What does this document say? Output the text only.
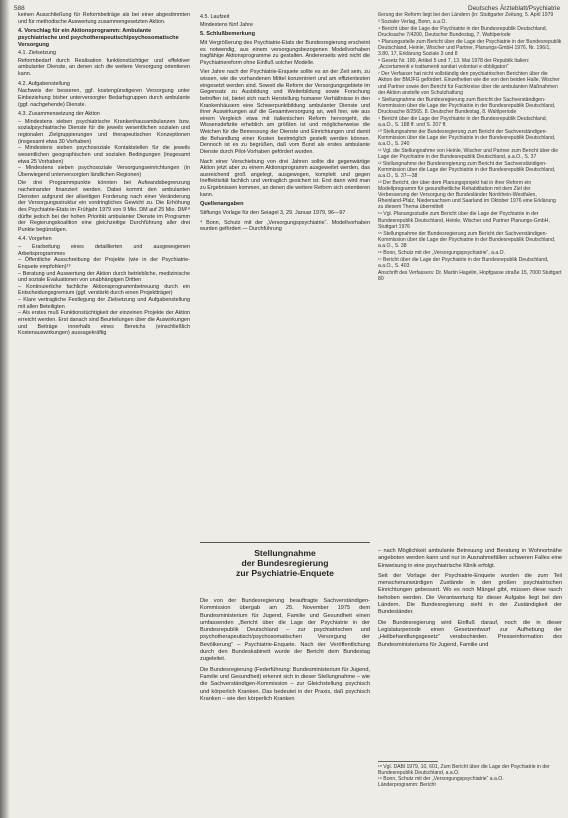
588	Deutsches Ärzteblatt/Psychiatrie

keinen Ausschließung für Reformbeiträge als bei einer abgestimmten und für methodische Auswertung zusammengesetzten Aktion.

4. Vorschlag für ein Aktionsprogramm: Ambulante psychiatrische und psychotherapeutisch/psychosomatische Versorgung
4.1. Zielsetzung

Reformbedarf durch Realisation funktionstüchtiger und effektiver ambulanter Dienste, an denen sich die weitere Versorgung orientieren kann.

4.2. Aufgabenstellung

Nachweis der besseren, ggf. kostengünstigeren Versorgung unter Einbeziehung bisher unterversorgter Bedarfsgruppen durch ambulante (ggf. nachgehende) Dienste.

4.3. Zusammensetzung der Aktion
– Mindestens sieben psychiatrische Krankenhausambulanzen bzw. sozialpsychiatrische Dienste für die jeweils wesentlichen sozialen und regionalen Zielgruppierungen und therapeutischen Konzeptionen (insgesamt etwa 30 Vorhaben)
– Mindestens sieben psychosoziale Kontaktstellen für die jeweils wesentlichen geographischen und sozialen Bedingungen (insgesamt etwa 25 Vorhaben)
– Mindestens sieben psychosoziale Versorgungseinrichtungen (in Überwiegend unterversorgten ländlichen Regionen)

Die drei Programmpunkte könnten bei Aufwandsbegrenzung nacheinander finanziert werden. Dabei kommt den ambulanten Diensten aufgrund der allseitigen Forderung nach einer Veränderung der Versorgungsstruktur ein vordringliches Gewicht zu. Die Erhöhung des Psychiatrie-Etats im Frühjahr 1979 von 9 Mio. DM auf 25 Mio. DM¹⁸ dürfte jedoch bei der hohen Priorität ambulanter Dienste im Programm der Regierungskoalition eine gleichzeitige Durchführung aller drei Punkte begünstigen.

4.4. Vorgehen
– Erarbeitung eines detaillierten und ausgewogenen Arbeitsprogrammes
– Öffentliche Ausschreibung der Projekte (wie in der Psychiatrie-Enquete empfohlen)¹⁹
– Beratung und Auswertung der Aktion durch betriebliche, medizinische und soziale Evaluationen von unabhängigen Dritten
– Kontinuierliche fachliche Aktionsprogrammbetreuung durch ein Entscheidungsgremium (ggf. verstärkt durch einen Projektträger)
– Klare vertragliche Festlegung der Zielsetzung und Aufgabenstellung mit allen Beteiligten
– Als erstes muß Funktionstüchtigkeit der einzelnen Projekte der Aktion erreicht werden. Erst danach sind Beurteilungen über die Auswirkungen und Beiträge innerhalb eines Bereichs (einschließlich Kostenauswirkungen) aussagekräftig
4.5. Laufzeit

Mindestens fünf Jahre

5. Schlußbemerkung

Mit Vergrößerung des Psychiatrie-Etats der Bundesregierung erscheint es notwendig, aus einem versorgungsbezogenen Modellvorhaben tragfähige Aktionsprogramme zu gestalten. Andererseits wird nicht die Psychiatriereform ohne Einfluß solcher Modelle.

Vier Jahre nach der Psychiatrie-Enquete sollte es an der Zeit sein, zu wissen, wie die vorhandenen Mittel konzentriert und am effizientesten eingesetzt werden sind. Soweit die Reform der Versorgungsgebiete im Gegensatz zu Ausbildung und Weiterbildung sowie Forschung betroffen ist, bietet sich nach Herstellung humaner Verhältnisse in den Krankenhäusern eine Schwerpunktbildung ambulanter Dienste und ihrer Auswirkungen auf die Gesamtversorgung an, weil hier, wie aus einem Vergleich etwa mit italienischen Reform hervorgeht, die Wissensdefizite erheblich am größten ist und möglicherweise die Weichen für die Bemessung der Dienste und Einrichtungen und damit die Behandlung einer Kosten bestmöglich gestellt werden können. Dennoch ist es zu begrüßen, daß vom Bund als erstes ambulante Dienste durch Pilot-Vorhaben gefördert wurden.

Nach einer Verschiebung von drei Jahren sollte die gegenwärtige Aktion jetzt aber zu einem Aktionsprogramm ausgeweitet werden, das ausreichend groß angelegt, ausgewogen, komplett und gegen Ineffektivität fachlich und vertraglich gesichert ist. Erst dann wird man zu Ergebnissen kommen, an denen die weitere Reform sich orientieren kann.

Quellenangaben

Stiftungs Vorlage für den Seiagel 3, 29. Januar 1979, 96—97

⁴ Bonn, Schutz mit der „Versorgungspsychiatrie“. Modellvorhaben wurden gefördert — Durchführung

ßerung der Reform liegt bei den Ländern (in: Stuttgarter Zeitung, 5. April 1979

³ Sozialer Verlag, Bonn, a.a.O.

⁴ Bericht über die Lage der Psychiatrie in der Bundesrepublik Deutschland, Drucksache 7/4200, Deutscher Bundestag, 7. Wahlperiode

⁵ Planungsstelle zum Bericht über die Lage der Psychiatrie in der Bundesrepublik Deutschland, Heinle, Wischer und Partner, Planungs-GmbH 1976, Nr. 196/1, 3.80, 17, Erklärung Soziale 3 und 8

⁶ Gesetz Nr. 180, Artikel 5 und 7, 13. Mai 1978 der Republik Italien: „Accertamenti e trattamenti sanitari volontari e obbligatori“

⁷ Der Verfasser hat nicht vollständig den psychiatrischen Berichten über die Aktion der BMJFG gefördert. Einzelheiten wie die von den beiden Halle, Wischer und Partner sowie den Bericht für Fachkreise über die ambulanten Maßnahmen der Aktion anstelle von Schutzhaltung

⁸ Stellungnahme der Bundesregierung zum Bericht der Sachverständigen-Kommission über die Lage der Psychiatrie in der Bundesrepublik Deutschland, Drucksache 8/2565, 8. Deutscher Bundestag, 8. Wahlperiode

⁹ Bericht über die Lage der Psychiatrie in der Bundesrepublik Deutschland, a.a.O., S. 188 ff. und S. 207 ff.

¹⁰ Stellungnahme der Bundesregierung zum Bericht der Sachverständigen-Kommission über die Lage der Psychiatrie in der Bundesrepublik Deutschland, a.a.O., S. 240

¹¹ Vgl. die Stellungnahme von Heinle, Wischer und Partner zum Bericht über die Lage der Psychiatrie in der Bundesrepublik Deutschland, a.a.O., S. 37

¹² Stellungnahme der Bundesregierung zum Bericht der Sachverständigen-Kommission über die Lage der Psychiatrie in der Bundesrepublik Deutschland, a.a.O., S. 37—38

¹³ Der Bericht, der über dem Planungsprojekt hat in ihrer Reform ein Modellprogramm für gesundheitliche Rehabilitation mit dem Ziel der Verbesserung der Versorgung der Bundesländer Nordrhein-Westfalen, Rheinland-Pfalz, Niedersachsen und Saarland im Oktober 1976 eine Erklärung zu diesem Thema übermittelt

¹⁴ Vgl. Planungsstudie zum Bericht über die Lage der Psychiatrie in der Bundesrepublik Deutschland, Heinle, Wischer und Partner Planungs-GmbH, Stuttgart 1976

¹⁵ Stellungnahme der Bundesregierung zum Bericht der Sachverständigen-Kommission über die Lage der Psychiatrie in der Bundesrepublik Deutschland, a.a.O., S. 38

¹⁶ Bonn, Schutz mit der „Versorgungspsychiatrie“, a.a.O.

¹⁷ Bericht über die Lage der Psychiatrie in der Bundesrepublik Deutschland, a.a.O., S. 403

Anschrift des Verfassers: Dr. Martin Hagelin, Hopfgasse straße 15, 7000 Stuttgart 80

Stellungnahme
der Bundesregierung
zur Psychiatrie-Enquete

Die von der Bundesregierung beauftragte Sachverständigen-Kommission übergab am 25. November 1975 dem Bundesministerium für Jugend, Familie und Gesundheit einen umfassenden „Bericht über die Lage der Psychiatrie in der Bundesrepublik Deutschland – zur psychiatrischen und psychotherapeutisch/psychosomatischen Versorgung der Bevölkerung“ – Psychiatrie-Enquete. Nach der Veröffentlichung durch den Bundeskabinett wurde der Bericht dem Bundestag zugeleitet.

Die Bundesregierung (Federführung: Bundesministerium für Jugend, Familie und Gesundheit) erkennt sich in dieser Stellungnahme – wie die Sachverständigen-Kommission – zur Gleichstellung psychisch und körperlich Kranken. Das bedeutet in der Praxis, daß psychisch Kranken – wie den körperlich Kranken

– nach Möglichkeit ambulante Betreuung und Beratung in Wohnortnähe angeboten werden kann und nur in Ausnahmefällen schweren Falles eine Einweisung in eine psychiatrische Klinik erfolgt.

Seit der Vorlage der Psychiatrie-Enquete wurden die zum Teil menschenunwürdigen Zustände in den großen psychiatrischen Einrichtungen gebessert. Wo es noch Mängel gibt, müssen diese rasch behoben werden. Die Verantwortung für dieser Aufgabe liegt bei den Ländern. Die Bundesregierung sieht in der Zuständigkeit der Bundesländer.

Die Bundesregierung wird Einfluß darauf, noch die in dieser Legislaturperiode einen Gesetzentwurf zur Aufhebung der „Heilbehandlungsgesetz“ verabschieden. Presseinformation des Bundesministeriums für Jugend, Familie und

¹⁸ Vgl. DÄBl 1979, 10, 601, Zum Bericht über die Lage der Psychiatrie in der Bundesrepublik Deutschland, a.a.O.

¹⁹ Bonn, Schutz mit der „Versorgungspsychiatrie“ a.a.O.

Länderprogramm: Bericht
